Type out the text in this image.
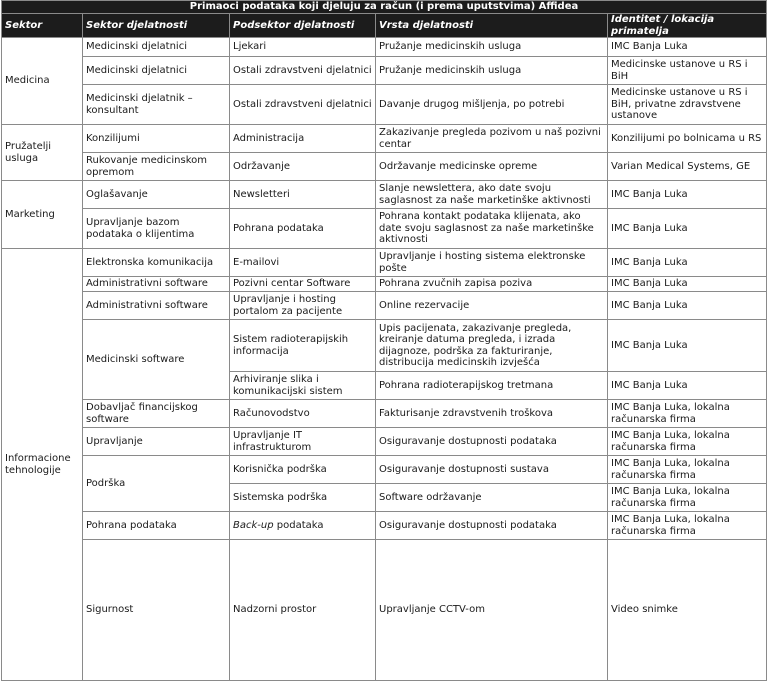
Primaoci podataka koji djeluju za račun (i prema uputstvima) Affidea					
Sektor	Sektor djelatnosti	Podsektor djelatnosti	Vrsta djelatnosti	Identitet / lokacija primatelja	
Medicina	Medicinski djelatnici	Ljekari	Pružanje medicinskih usluga	IMC Banja Luka	
	Medicinski djelatnici	Ostali zdravstveni djelatnici	Pružanje medicinskih usluga	Medicinske ustanove u RS i BiH	
	Medicinski djelatnik – konsultant	Ostali zdravstveni djelatnici	Davanje drugog mišljenja, po potrebi	Medicinske ustanove u RS i BiH, privatne zdravstvene ustanove	
Pružatelji usluga	Konzilijumi	Administracija	Zakazivanje pregleda pozivom u naš pozivni centar	Konzilijumi po bolnicama u RS	
	Rukovanje medicinskom opremom	Održavanje	Održavanje medicinske opreme	Varian Medical Systems, GE	
Marketing	Oglašavanje	Newsletteri	Slanje newslettera, ako date svoju saglasnost za naše marketinške aktivnosti	IMC Banja Luka	
	Upravljanje bazom podataka o klijentima	Pohrana podataka	Pohrana kontakt podataka klijenata, ako date svoju saglasnost za naše marketinške aktivnosti	IMC Banja Luka	
Informacione tehnologije	Elektronska komunikacija	E-mailovi	Upravljanje i hosting sistema elektronske pošte	IMC Banja Luka	
	Administrativni software	Pozivni centar Software	Pohrana zvučnih zapisa poziva	IMC Banja Luka	
	Administrativni software	Upravljanje i hosting portalom za pacijente	Online rezervacije	IMC Banja Luka	
	Medicinski software	Sistem radioterapijskih informacija	Upis pacijenata, zakazivanje pregleda, kreiranje datuma pregleda, i izrada dijagnoze, podrška za fakturiranje, distribucija medicinskih izvješća	IMC Banja Luka	
		Arhiviranje slika i komunikacijski sistem	Pohrana radioterapijskog tretmana	IMC Banja Luka	
	Dobavljač financijskog software	Računovodstvo	Fakturisanje zdravstvenih troškova	IMC Banja Luka, lokalna računarska firma	
	Upravljanje	Upravljanje IT infrastrukturom	Osiguravanje dostupnosti podataka	IMC Banja Luka, lokalna računarska firma	
	Podrška	Korisnička podrška	Osiguravanje dostupnosti sustava	IMC Banja Luka, lokalna računarska firma	
		Sistemska podrška	Software održavanje	IMC Banja Luka, lokalna računarska firma	
	Pohrana podataka	Back-up podataka	Osiguravanje dostupnosti podataka	IMC Banja Luka, lokalna računarska firma	
	Sigurnost	Nadzorni prostor	Upravljanje CCTV-om	Video snimke	
